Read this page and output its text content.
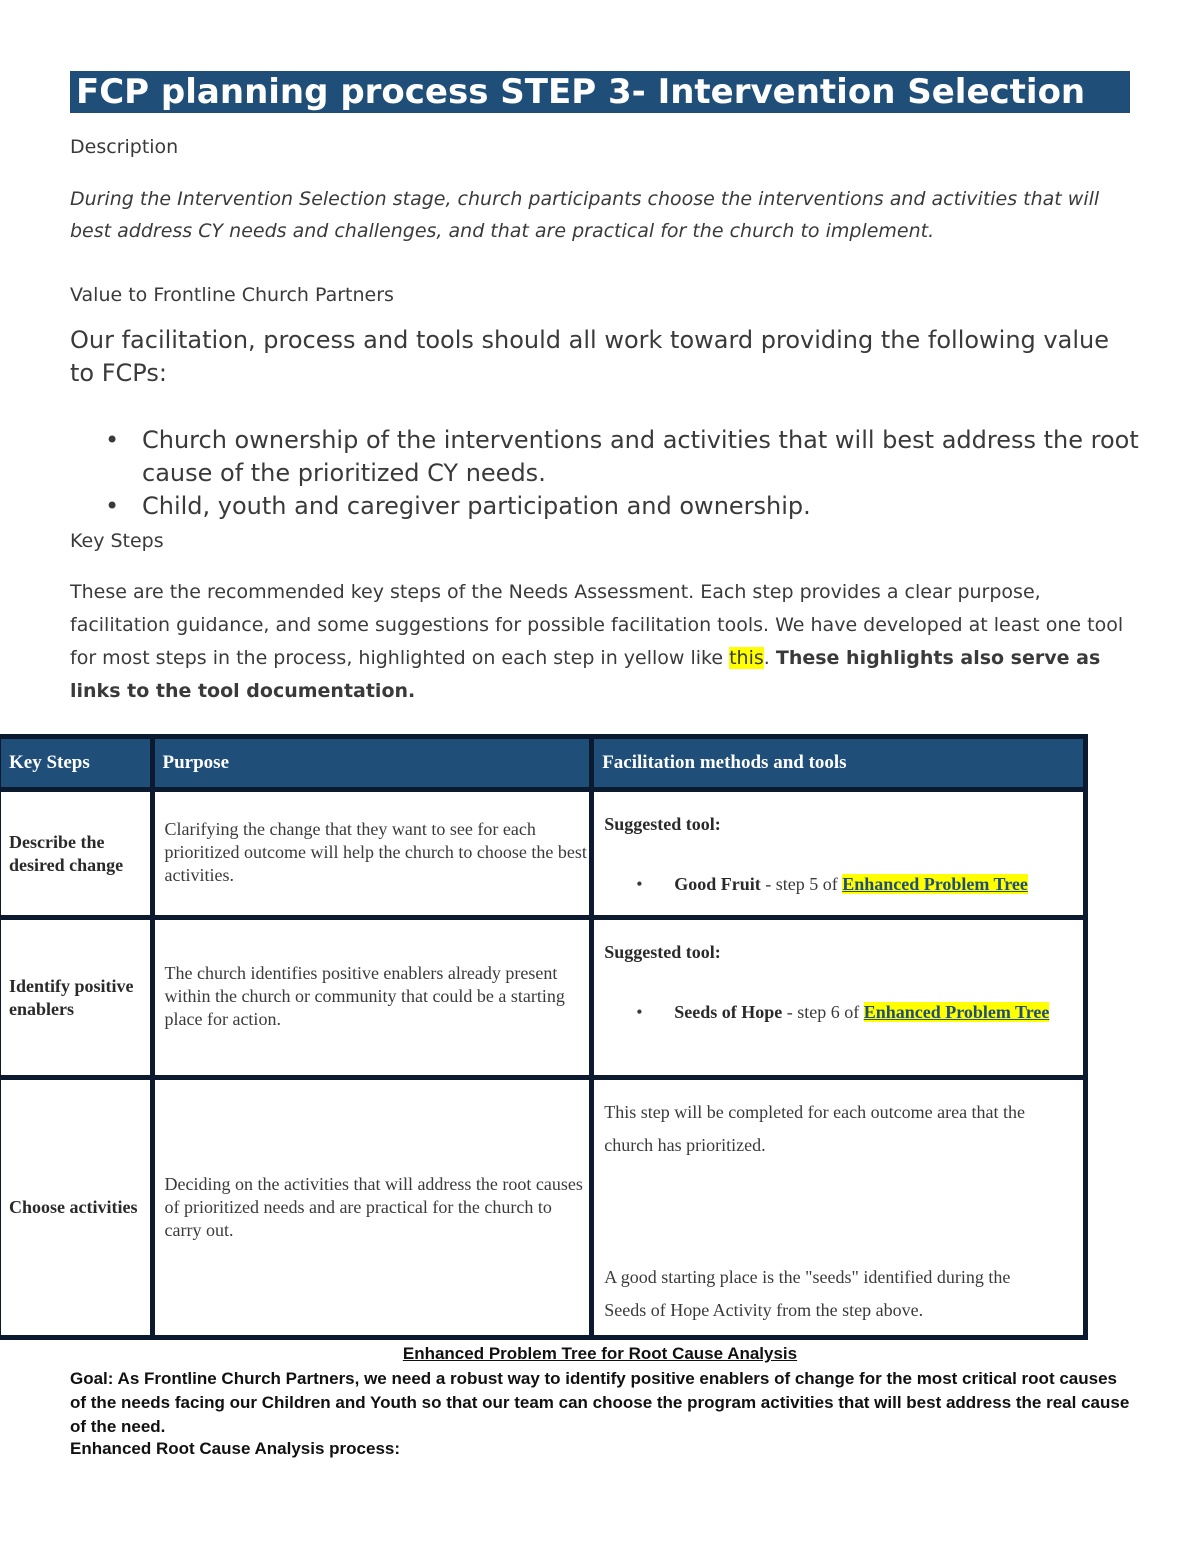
FCP planning process STEP 3- Intervention Selection
Description
During the Intervention Selection stage, church participants choose the interventions and activities that will best address CY needs and challenges, and that are practical for the church to implement.
Value to Frontline Church Partners
Our facilitation, process and tools should all work toward providing the following value to FCPs:
• Church ownership of the interventions and activities that will best address the root cause of the prioritized CY needs.
• Child, youth and caregiver participation and ownership.
Key Steps
These are the recommended key steps of the Needs Assessment. Each step provides a clear purpose, facilitation guidance, and some suggestions for possible facilitation tools. We have developed at least one tool for most steps in the process, highlighted on each step in yellow like this. These highlights also serve as links to the tool documentation.
Key Steps	Purpose	Facilitation methods and tools

Describe the desired change	Clarifying the change that they want to see for each prioritized outcome will help the church to choose the best activities.	Suggested tool:
• Good Fruit - step 5 of Enhanced Problem Tree

Identify positive enablers	The church identifies positive enablers already present within the church or community that could be a starting place for action.	Suggested tool:
• Seeds of Hope - step 6 of Enhanced Problem Tree

Choose activities	Deciding on the activities that will address the root causes of prioritized needs and are practical for the church to carry out.	This step will be completed for each outcome area that the church has prioritized.
A good starting place is the "seeds" identified during the Seeds of Hope Activity from the step above.
Enhanced Problem Tree for Root Cause Analysis
Goal: As Frontline Church Partners, we need a robust way to identify positive enablers of change for the most critical root causes of the needs facing our Children and Youth so that our team can choose the program activities that will best address the real cause of the need.
Enhanced Root Cause Analysis process:
